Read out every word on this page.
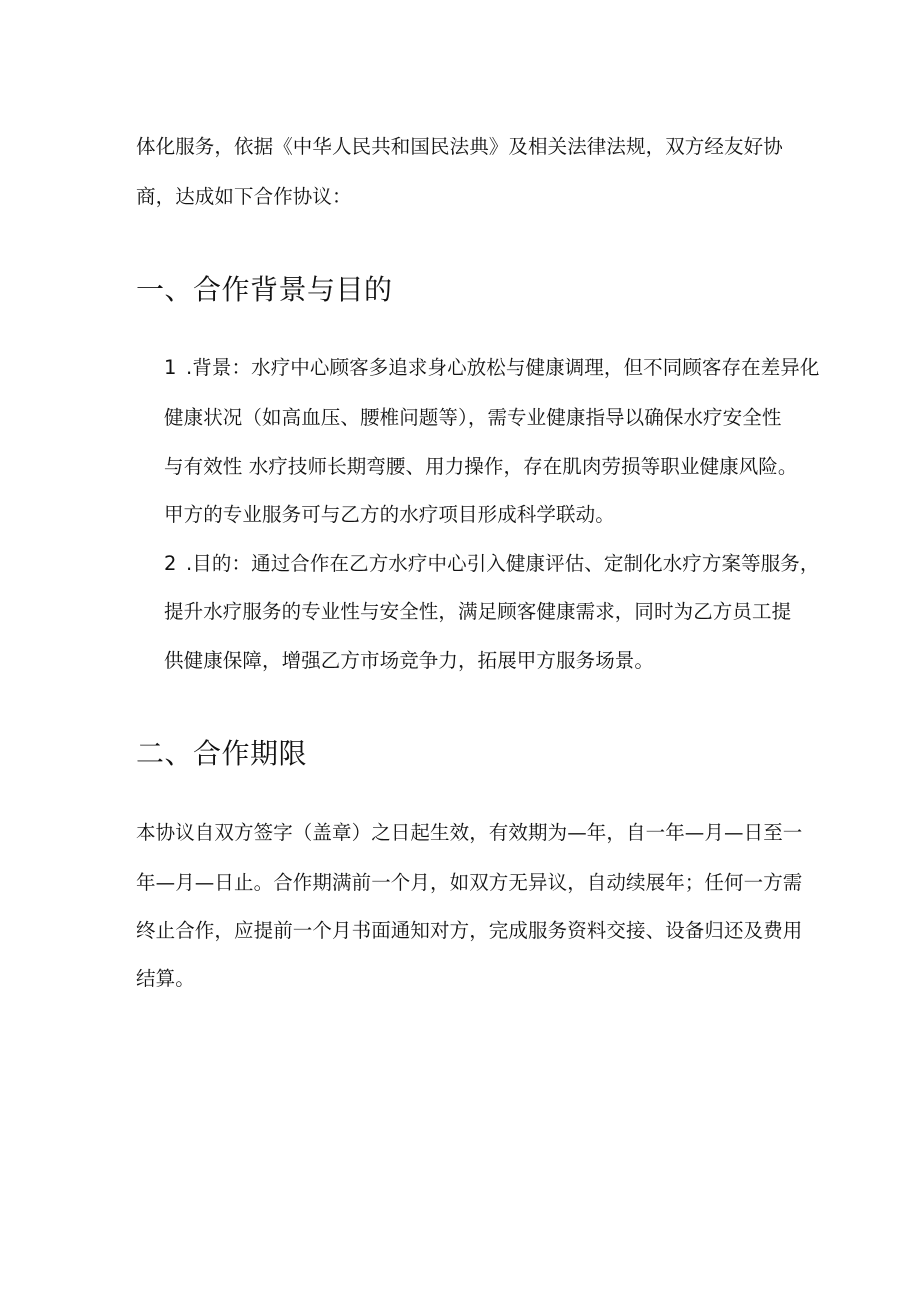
体化服务，依据《中华人民共和国民法典》及相关法律法规，双方经友好协
商，达成如下合作协议：
一、合作背景与目的
1 .背景：水疗中心顾客多追求身心放松与健康调理，但不同顾客存在差异化
健康状况（如高血压、腰椎问题等），需专业健康指导以确保水疗安全性
与有效性 水疗技师长期弯腰、用力操作，存在肌肉劳损等职业健康风险。
甲方的专业服务可与乙方的水疗项目形成科学联动。
2 .目的：通过合作在乙方水疗中心引入健康评估、定制化水疗方案等服务，
提升水疗服务的专业性与安全性，满足顾客健康需求，同时为乙方员工提
供健康保障，增强乙方市场竞争力，拓展甲方服务场景。
二、合作期限
本协议自双方签字（盖章）之日起生效，有效期为—年，自一年—月—日至一
年—月—日止。合作期满前一个月，如双方无异议，自动续展年；任何一方需
终止合作，应提前一个月书面通知对方，完成服务资料交接、设备归还及费用
结算。
